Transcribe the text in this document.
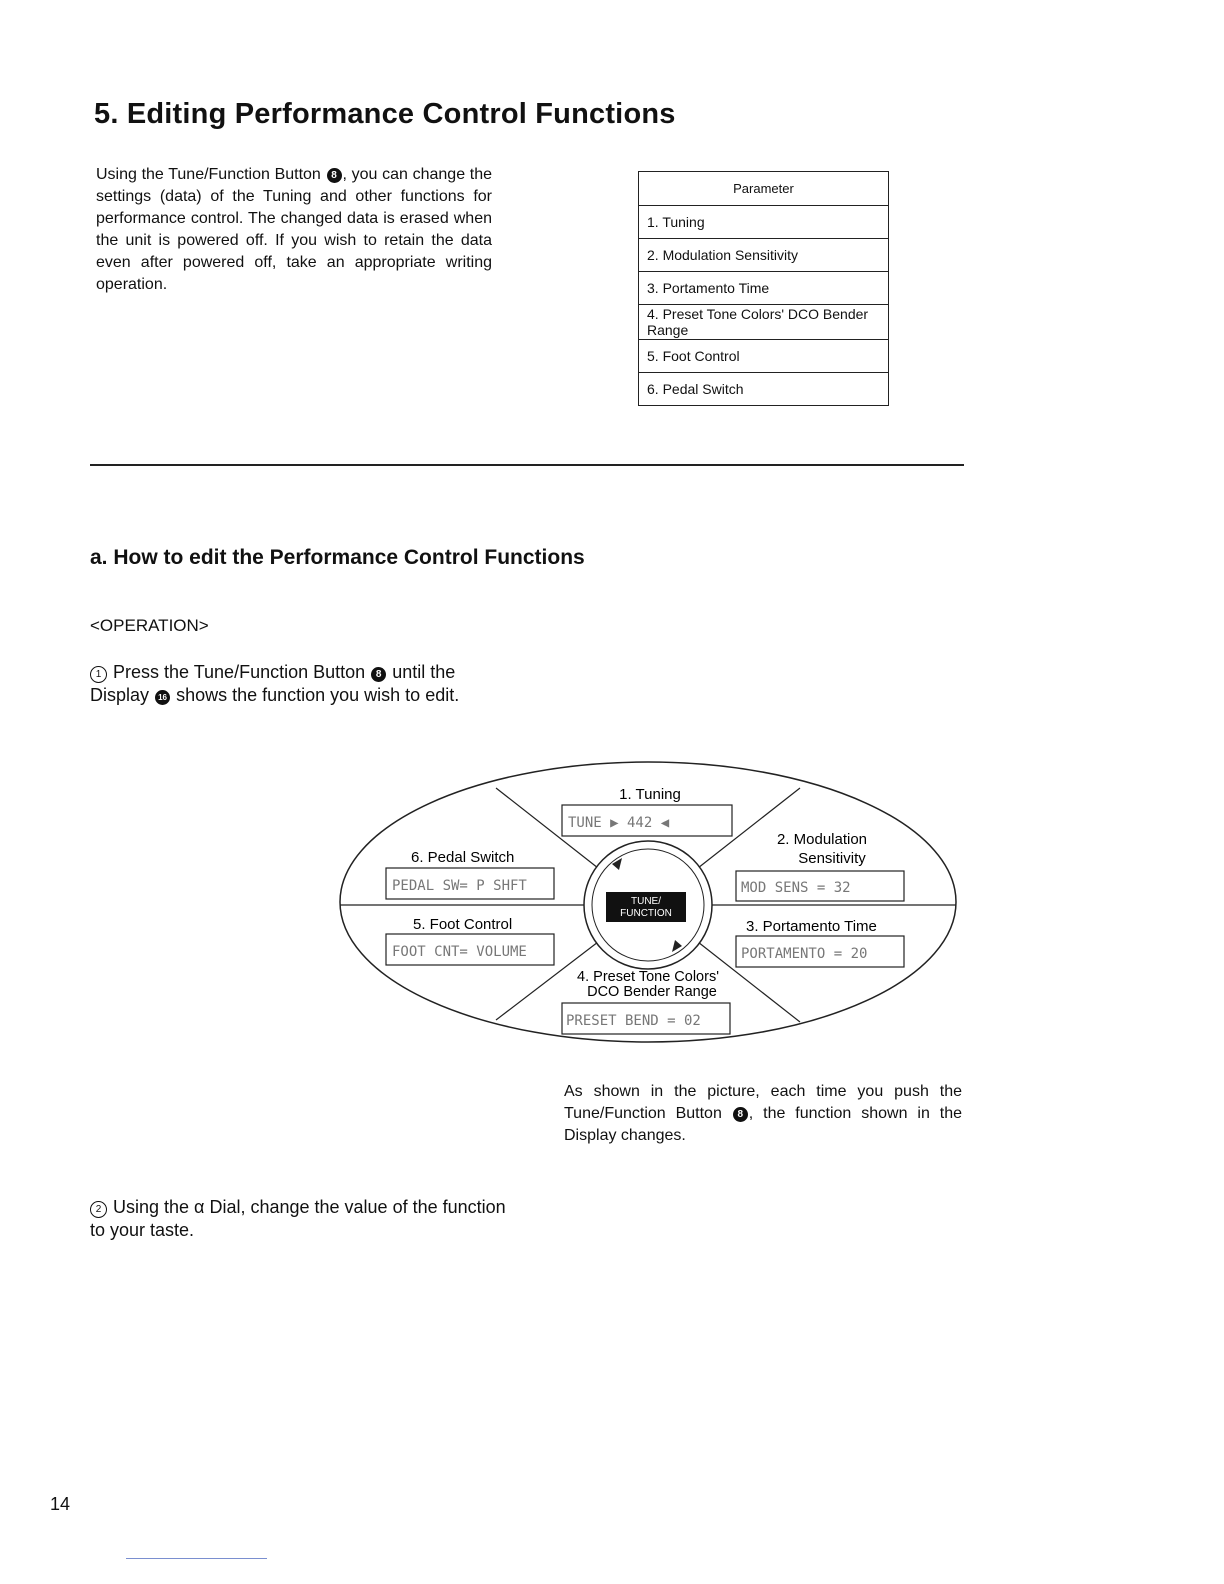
5. Editing Performance Control Functions
Using the Tune/Function Button 8 , you can change the settings (data) of the Tuning and other functions for performance control. The changed data is erased when the unit is powered off. If you wish to retain the data even after powered off, take an appropriate writing operation.
Parameter
1. Tuning
2. Modulation Sensitivity
3. Portamento Time
4. Preset Tone Colors' DCO Bender Range
5. Foot Control
6. Pedal Switch
a. How to edit the Performance Control Functions
<OPERATION>
1 Press the Tune/Function Button 8 until the Display 16 shows the function you wish to edit.
TUNE/
FUNCTION
1. Tuning
TUNE ▶ 442 ◀
2. Modulation
Sensitivity
MOD SENS = 32
3. Portamento Time
PORTAMENTO = 20
4. Preset Tone Colors'
DCO Bender Range
PRESET BEND = 02
5. Foot Control
FOOT CNT= VOLUME
6. Pedal Switch
PEDAL SW= P SHFT
As shown in the picture, each time you push the Tune/Function Button 8 , the function shown in the Display changes.
2 Using the α Dial, change the value of the function to your taste.
14
